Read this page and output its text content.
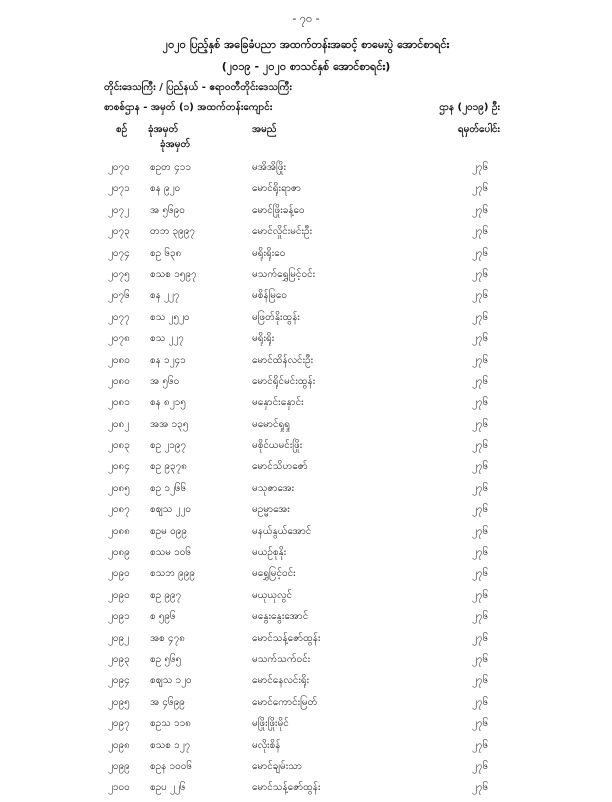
- ၇၀ -
၂၀၂၀ ပြည့်နှစ် အခြေခံပညာ အထက်တန်းအဆင့် စာမေးပွဲ အောင်စာရင်း
(၂၀၁၉ - ၂၀၂၀ စာသင်နှစ် အောင်စာရင်း)
တိုင်းဒေသကြီး / ပြည်နယ် - ဧရာဝတီတိုင်းဒေသကြီး
စာစစ်ဌာန - အမှတ် (၁) အထက်တန်းကျောင်း	ဌာန (၂၀၁၉) ဦး
စဉ် ခုံအမှတ်
ခုံအမှတ်
အမည်	ရမှတ်ပေါင်း
၂၀၇၀ စဥတ ၄၁၁	မအိအိဖြိုး	၂၇၆
၂၀၇၁ စန ၉၂၀	မောင်ရိုးရာဇာ	၂၇၆
၂၀၇၂ အ ၅၆၉၀	မောင်ဖြိုးခန့်ဝေ	၂၇၆
၂၀၇၃ တဘ ၃၉၉၇	မောင်လှိုင်းမင်းဦး	၂၇၆
၂၀၇၄ စဥ ၆၃၈	မရိုးရိုးဝေ	၂၇၆
၂၀၇၅ စသစ ၁၅၉၇	မသက်ရွှေမြင့်ဝင်း	၂၇၆
၂၀၇၆ စန ၂၂၇	မစိန်မြ‌ဝေ	၂၇၆
၂၀၇၇ စသ ၂၅၂၀	မဖြတ်နိုးထွန်း	၂၇၆
၂၀၇၈ စသ ၂၂၇	မရိုးရိုး	၂၇၆
၂၀၈၀ စန ၁၂၄၁	မောင်ထိန်လင်းဦး	၂၇၆
၂၀၈၀ အ ၅၆၀	မောင်ရိုင်မင်းထွန်း	၂၇၆
၂၀၈၁ စန ၈၂၁၅	မနှောင်းနှောင်း	၂၇၆
၂၀၈၂ အအ ၁၃၅	မမောင်ရှုရှု	၂၇၆
၂၀၈၃ စဥ ၂၁၉၇	မစိုင်ယမင်းဖြိုး	၂၇၆
၂၀၈၄ စဥ ၉၃၇၈	မောင်သိဟဇော်	၂၇၆
၂၀၈၅ စဥ ၁၂၆၆	မသုဇာအေး	၂၇၆
၂၀၈၇ စဈသ ၂၂၀	မဥမ္မာအေး	၂၇၆
၂၀၈၈ စဥမ ၀၉၉	မနယ်နွယ်အောင်	၂၇၆
၂၀၈၉ စသမ ၁၀၆	မယဉ်စုနိုး	၂၇၆
၂၀၉၀ စသဘ ၉၉၉	မရွှေမြင့်ဝင်း	၂၇၆
၂၀၉၀ စဥ ၉၉၇	မယုယုလွင်	၂၇၆
၂၀၉၁ စ ၅၉၆	မနွေးနွေးအောင်	၂၇၆
၂၀၉၂ အစ ၄၇၈	မောင်သန့်ဇော်ထွန်း	၂၇၆
၂၀၉၃ စဥ ၅၆၅	မသက်သက်ဝင်း	၂၇၆
၂၀၉၄ စဈသ ၁၂၀	မောင်နေလင်းရိုး	၂၇၆
၂၀၉၅ အ ၄၆၉၉	မောင်ကောင်းမြတ်	၂၇၆
၂၀၉၇ စဥသ ၁၁၈	မဖြိုးဖြိုးမိုင်	၂၇၆
၂၀၉၈ စသစ ၁၂၇	မလိုးစိန်	၂၇၆
၂၀၉၉ စဥန ၁၀၀၆	မောင်ချမ်းသာ	၂၇၆
၂၁၀၀ စဥပ ၂၂၆	မောင်သန့်ဇော်ထွန်း	၂၇၆
